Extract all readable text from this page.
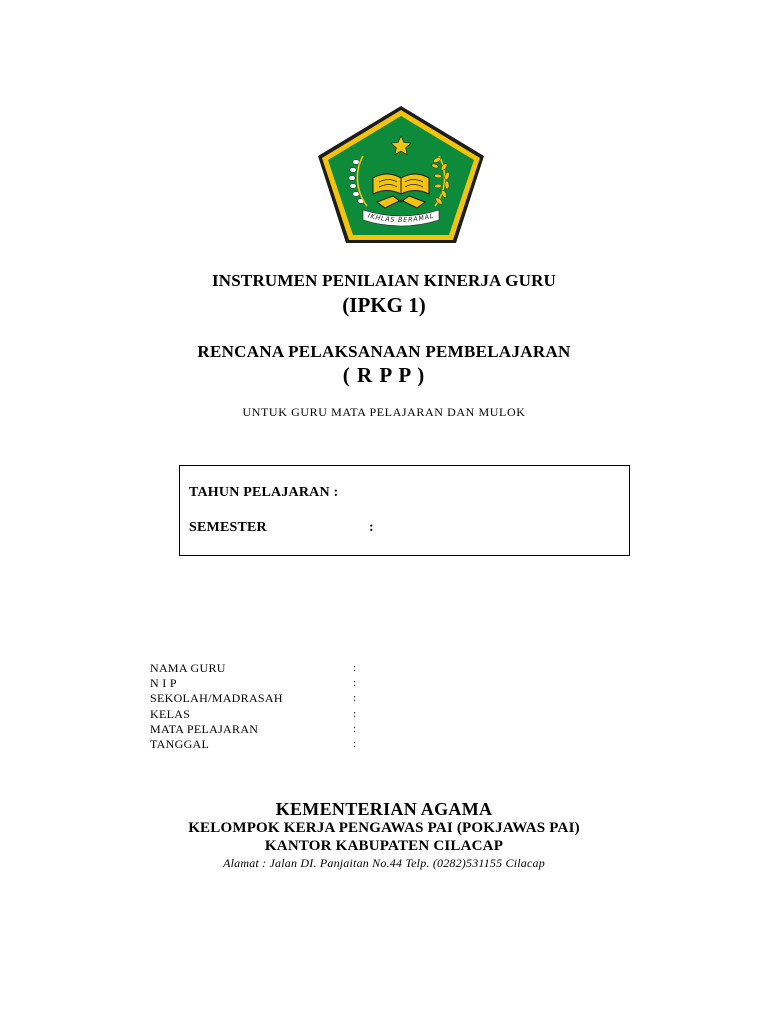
IKHLAS BERAMAL
INSTRUMEN PENILAIAN KINERJA GURU
(IPKG 1)
RENCANA PELAKSANAAN PEMBELAJARAN
( R P P )
UNTUK GURU MATA PELAJARAN DAN MULOK
TAHUN PELAJARAN :
SEMESTER	:
NAMA GURU	:
N I P	:
SEKOLAH/MADRASAH	:
KELAS	:
MATA PELAJARAN	:
TANGGAL	:
KEMENTERIAN AGAMA
KELOMPOK KERJA PENGAWAS PAI (POKJAWAS PAI)
KANTOR KABUPATEN CILACAP
Alamat : Jalan DI. Panjaitan No.44 Telp. (0282)531155 Cilacap
